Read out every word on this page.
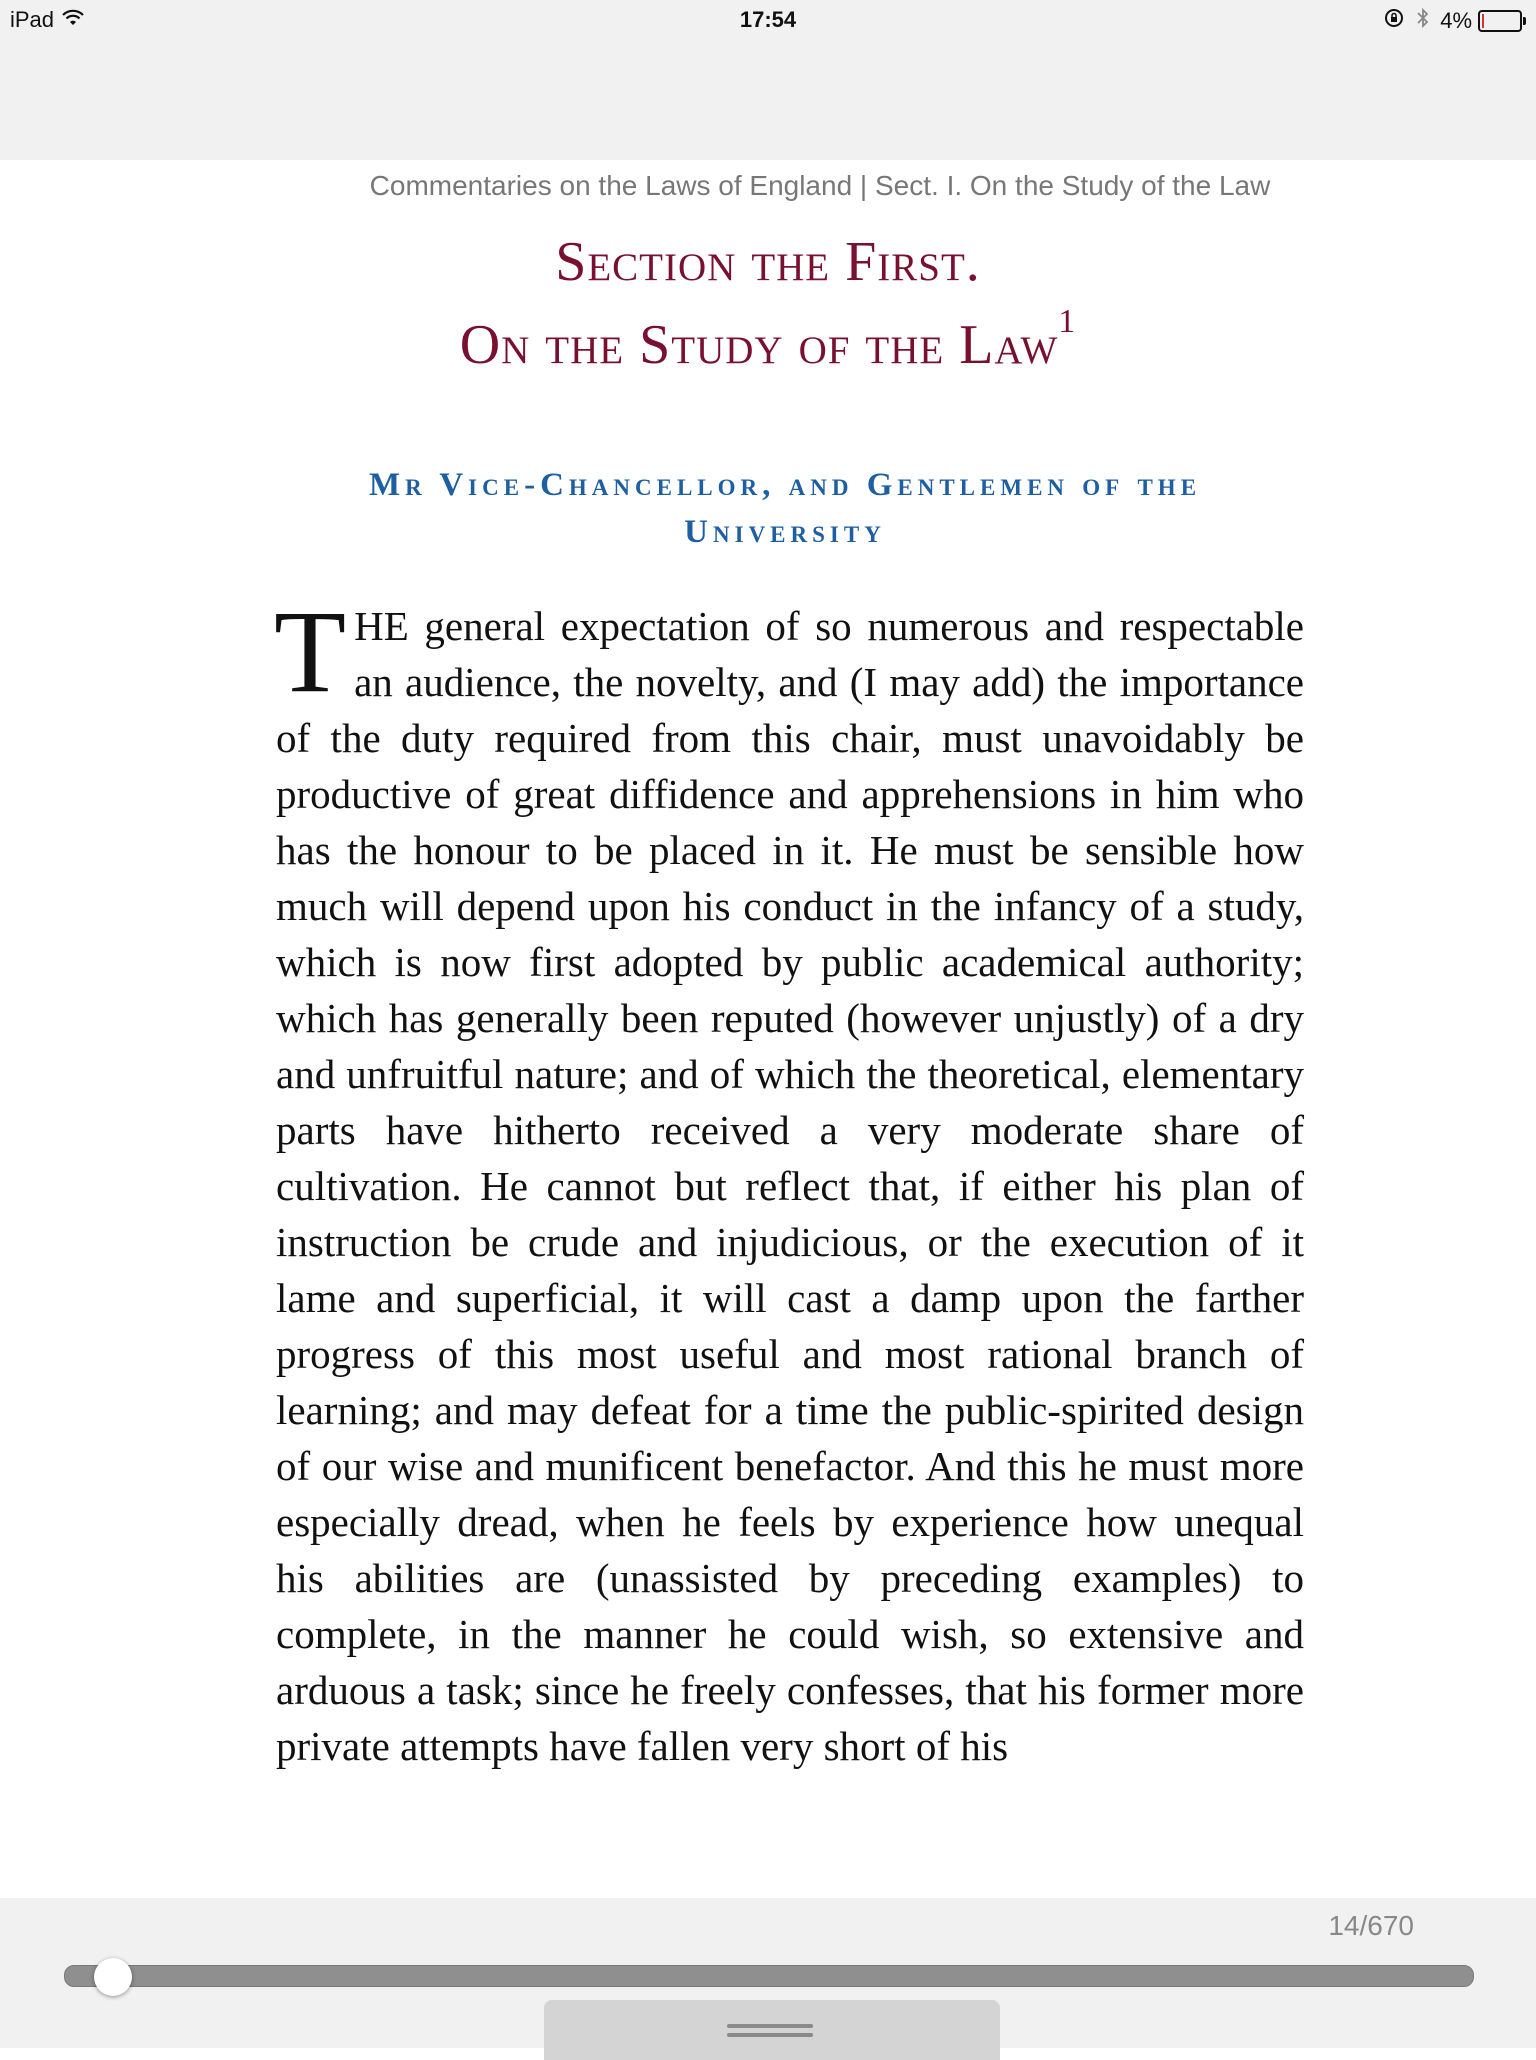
iPad	17:54	4%
Commentaries on the Laws of England | Sect. I. On the Study of the Law
Section the First.
On the Study of the Law$^1$
Mr Vice-Chancellor, and Gentlemen of the University

THE general expectation of so numerous and respectable an audience, the novelty, and (I may add) the importance of the duty required from this chair, must unavoidably be productive of great diffidence and apprehensions in him who has the honour to be placed in it. He must be sensible how much will depend upon his conduct in the infancy of a study, which is now first adopted by public academical authority; which has generally been reputed (however unjustly) of a dry and unfruitful nature; and of which the theoretical, elementary parts have hitherto received a very moderate share of cultivation. He cannot but reflect that, if either his plan of instruction be crude and injudicious, or the execution of it lame and superficial, it will cast a damp upon the farther progress of this most useful and most rational branch of learning; and may defeat for a time the public-spirited design of our wise and munificent benefactor. And this he must more especially dread, when he feels by experience how unequal his abilities are (unassisted by preceding examples) to complete, in the manner he could wish, so extensive and arduous a task; since he freely confesses, that his former more private attempts have fallen very short of his

14/670
